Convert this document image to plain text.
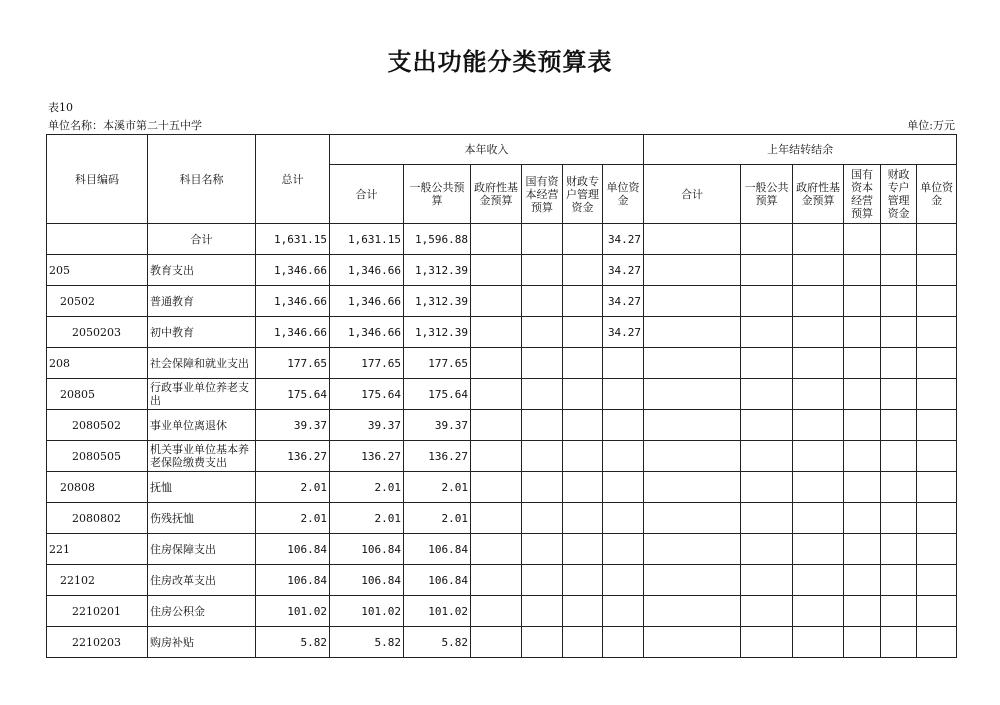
支出功能分类预算表
表10
单位名称：本溪市第二十五中学	单位:万元
科目编码	科目名称	总计	本年收入						上年结转结余					
			合计	一般公共预算	政府性基金预算	国有资本经营预算	财政专户管理资金	单位资金	合计	一般公共预算	政府性基金预算	国有资本经营预算	财政专户管理资金	单位资金
	合计	1,631.15	1,631.15	1,596.88				34.27						
205	教育支出	1,346.66	1,346.66	1,312.39				34.27						
20502	普通教育	1,346.66	1,346.66	1,312.39				34.27						
2050203	初中教育	1,346.66	1,346.66	1,312.39				34.27						
208	社会保障和就业支出	177.65	177.65	177.65										
20805	行政事业单位养老支出	175.64	175.64	175.64										
2080502	事业单位离退休	39.37	39.37	39.37										
2080505	机关事业单位基本养老保险缴费支出	136.27	136.27	136.27										
20808	抚恤	2.01	2.01	2.01										
2080802	伤残抚恤	2.01	2.01	2.01										
221	住房保障支出	106.84	106.84	106.84										
22102	住房改革支出	106.84	106.84	106.84										
2210201	住房公积金	101.02	101.02	101.02										
2210203	购房补贴	5.82	5.82	5.82										
